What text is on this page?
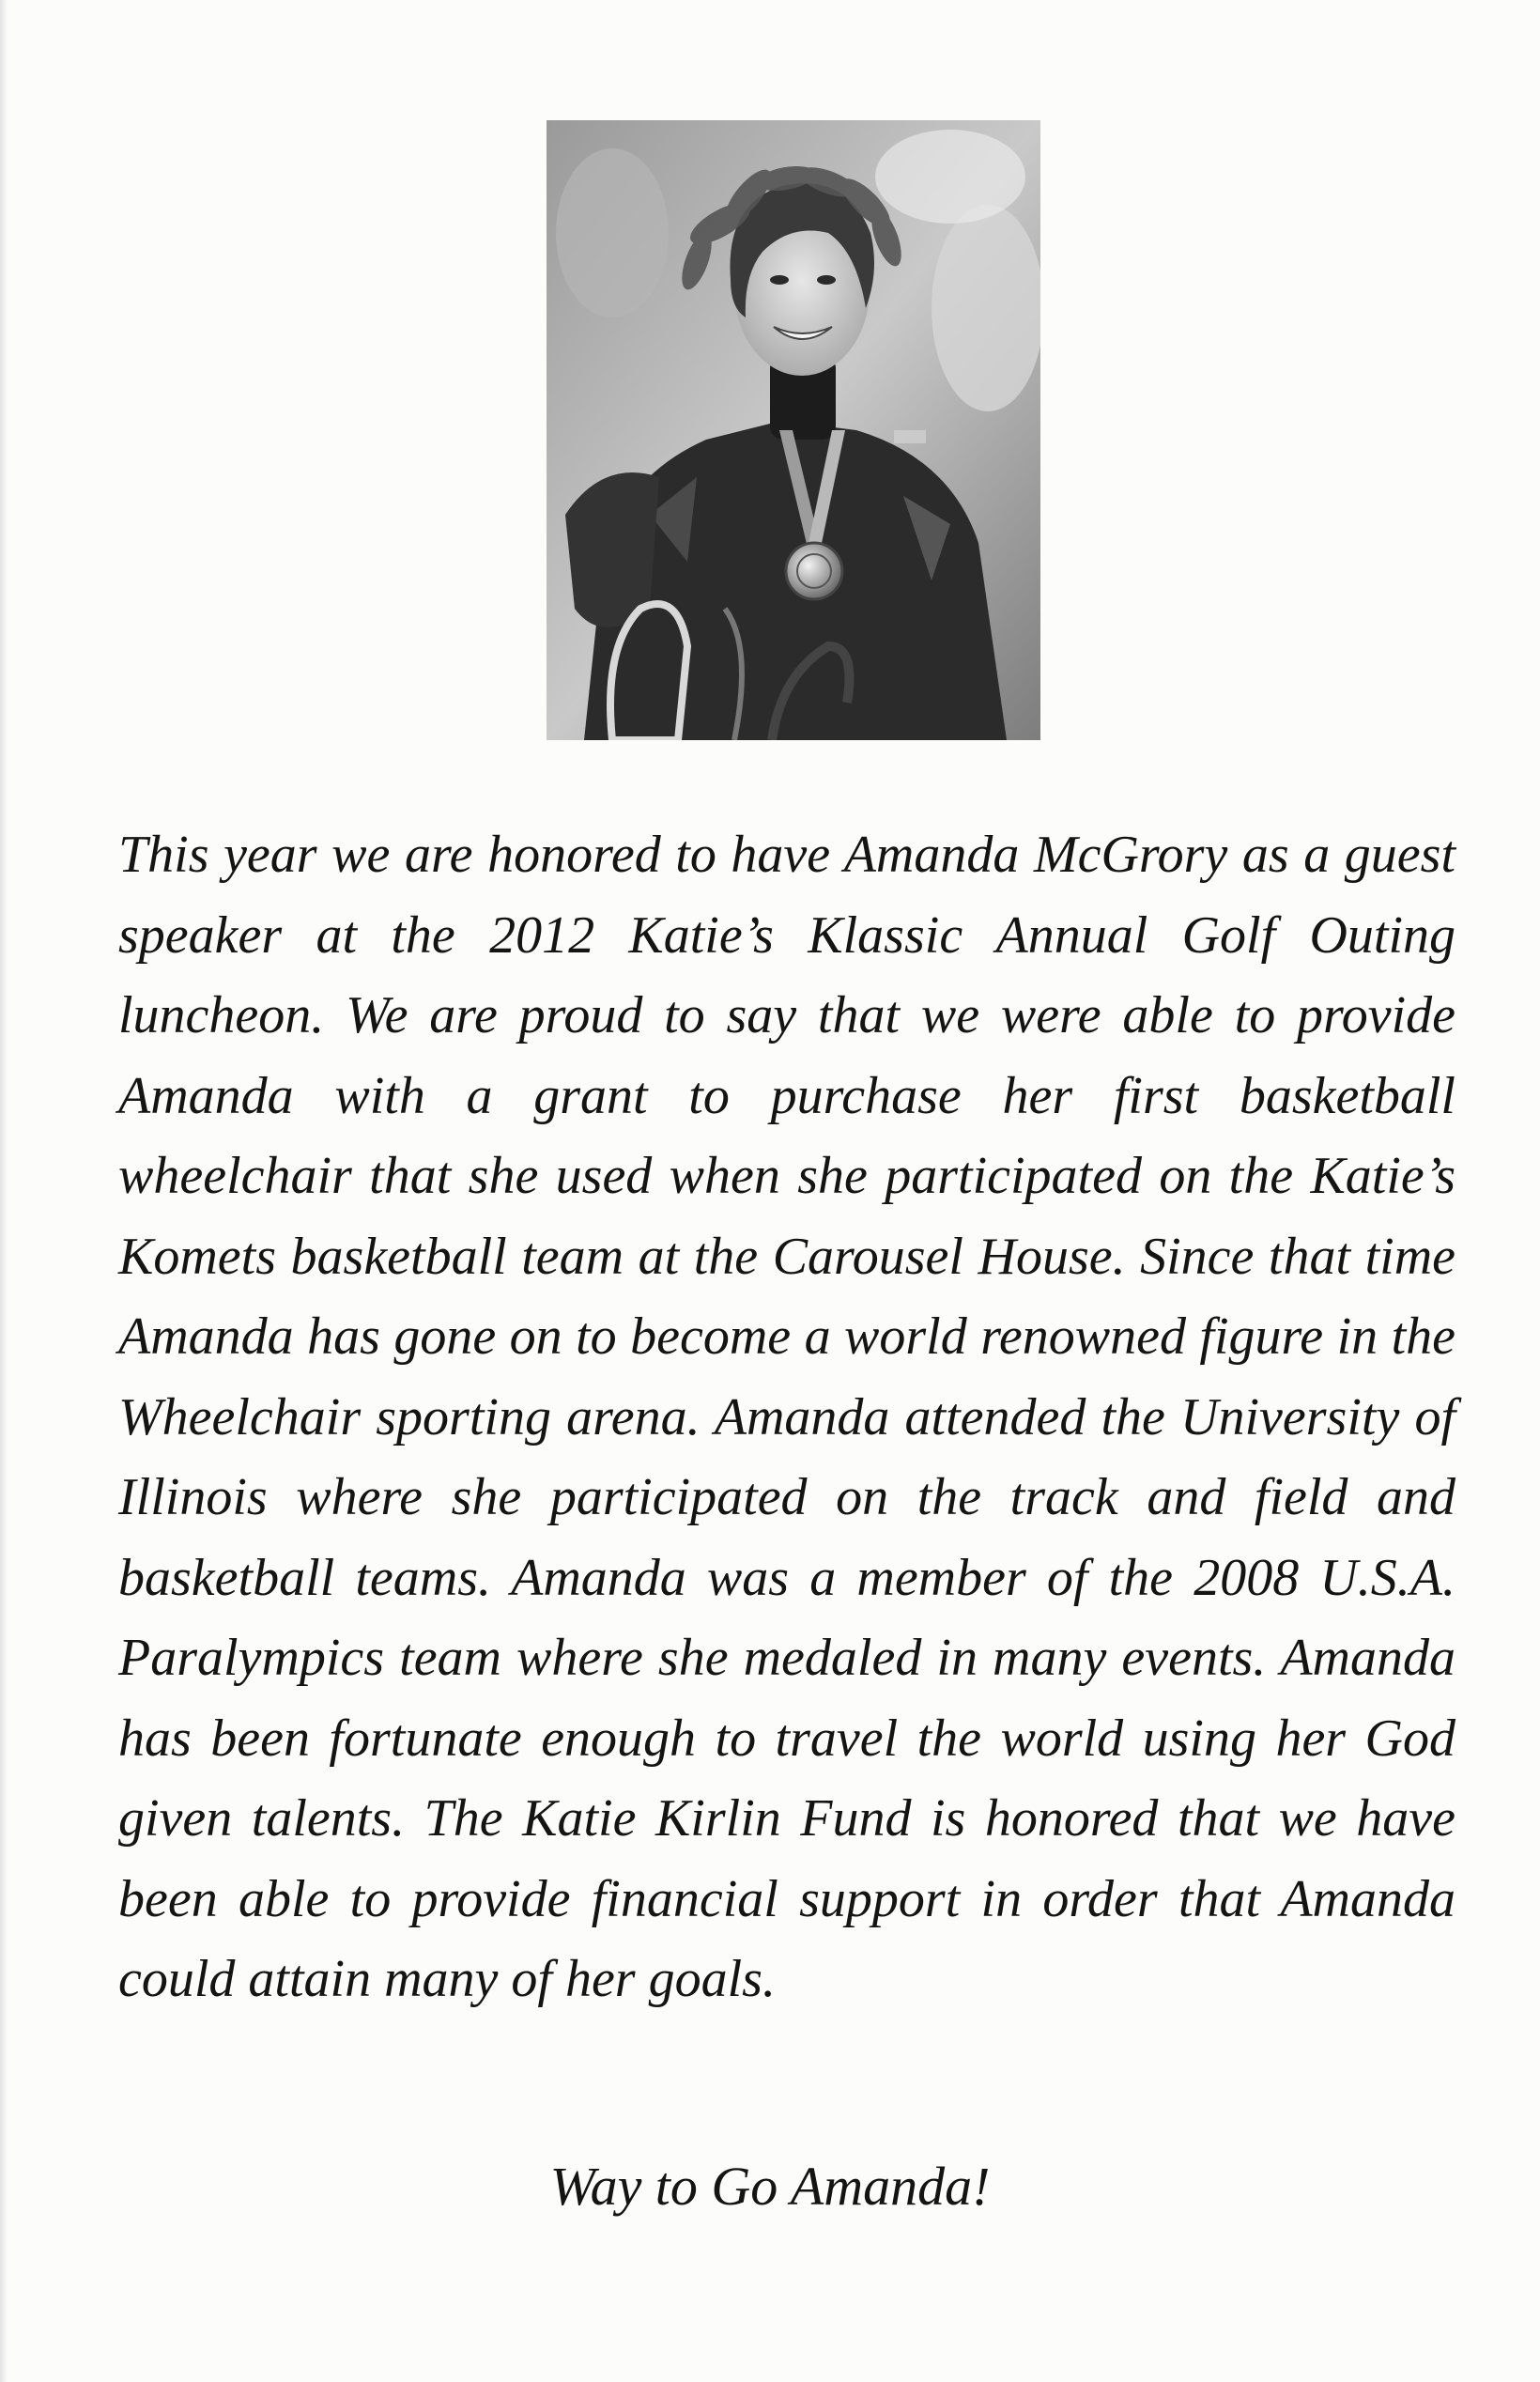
This year we are honored to have Amanda McGrory as a guest speaker at the 2012 Katie’s Klassic Annual Golf Outing luncheon. We are proud to say that we were able to provide Amanda with a grant to purchase her first basketball wheelchair that she used when she participated on the Katie’s Komets basketball team at the Carousel House. Since that time Amanda has gone on to become a world renowned figure in the Wheelchair sporting arena. Amanda attended the University of Illinois where she participated on the track and field and basketball teams. Amanda was a member of the 2008 U.S.A. Paralympics team where she medaled in many events. Amanda has been fortunate enough to travel the world using her God given talents. The Katie Kirlin Fund is honored that we have been able to provide financial support in order that Amanda could attain many of her goals.

Way to Go Amanda!
